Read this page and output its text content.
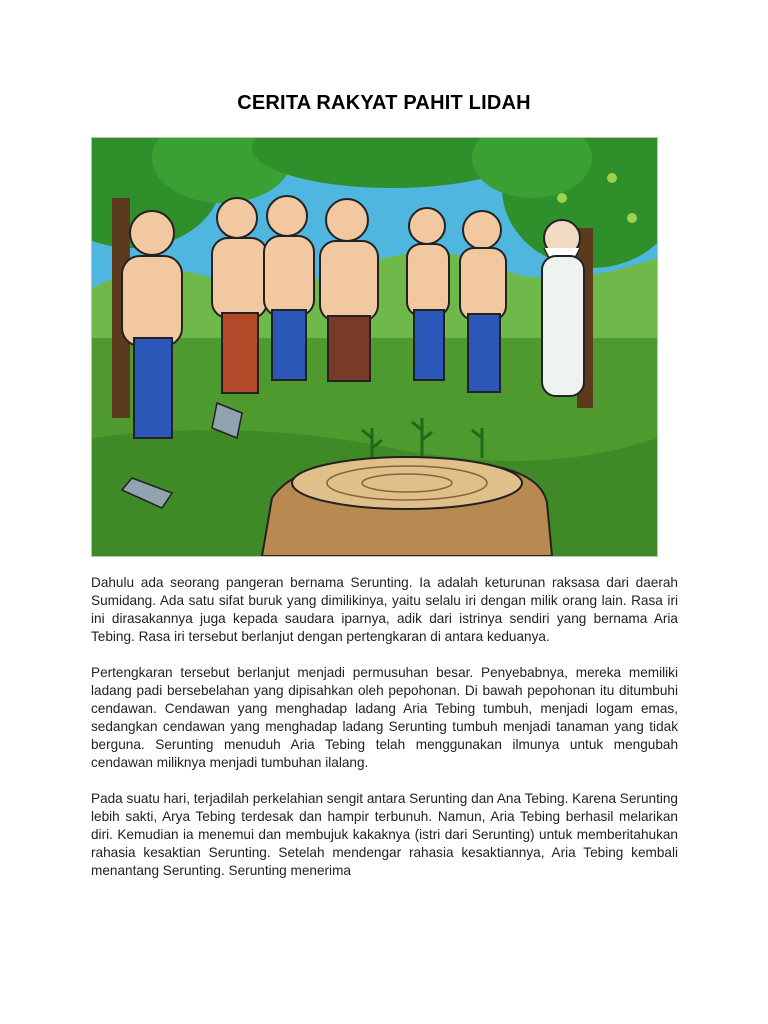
CERITA RAKYAT PAHIT LIDAH

Dahulu ada seorang pangeran bernama Serunting. Ia adalah keturunan raksasa dari daerah Sumidang. Ada satu sifat buruk yang dimilikinya, yaitu selalu iri dengan milik orang lain. Rasa iri ini dirasakannya juga kepada saudara iparnya, adik dari istrinya sendiri yang bernama Aria Tebing. Rasa iri tersebut berlanjut dengan pertengkaran di antara keduanya.

Pertengkaran tersebut berlanjut menjadi permusuhan besar. Penyebabnya, mereka memiliki ladang padi bersebelahan yang dipisahkan oleh pepohonan. Di bawah pepohonan itu ditumbuhi cendawan. Cendawan yang menghadap ladang Aria Tebing tumbuh, menjadi logam emas, sedangkan cendawan yang menghadap ladang Serunting tumbuh menjadi tanaman yang tidak berguna. Serunting menuduh Aria Tebing telah menggunakan ilmunya untuk mengubah cendawan miliknya menjadi tumbuhan ilalang.

Pada suatu hari, terjadilah perkelahian sengit antara Serunting dan Ana Tebing. Karena Serunting lebih sakti, Arya Tebing terdesak dan hampir terbunuh. Namun, Aria Tebing berhasil melarikan diri. Kemudian ia menemui dan membujuk kakaknya (istri dari Serunting) untuk memberitahukan rahasia kesaktian Serunting. Setelah mendengar rahasia kesaktiannya, Aria Tebing kembali menantang Serunting. Serunting menerima
